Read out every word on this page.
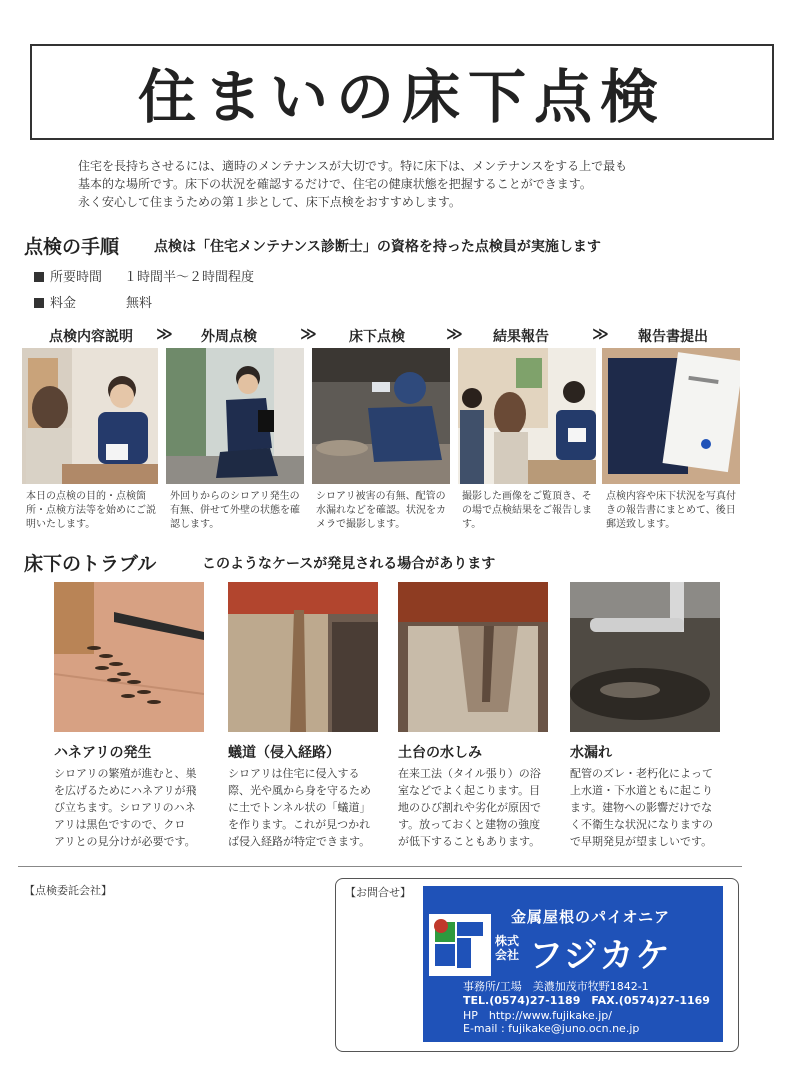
住まいの床下点検
住宅を長持ちさせるには、適時のメンテナンスが大切です。特に床下は、メンテナンスをする上で最も
基本的な場所です。床下の状況を確認するだけで、住宅の健康状態を把握することができます。
永く安心して住まうための第１歩として、床下点検をおすすめします。
点検の手順 点検は「住宅メンテナンス診断士」の資格を持った点検員が実施します
所要時間 １時間半～２時間程度
料金	無料
点検内容説明	≫	外周点検	≫	床下点検	≫	結果報告	≫	報告書提出
本日の点検の目的・点検箇所・点検方法等を始めにご説明いたします。
外回りからのシロアリ発生の有無、併せて外壁の状態を確認します。
シロアリ被害の有無、配管の水漏れなどを確認。状況をカメラで撮影します。
撮影した画像をご覧頂き、その場で点検結果をご報告します。
点検内容や床下状況を写真付きの報告書にまとめて、後日郵送致します。
床下のトラブル	このようなケースが発見される場合があります
ハネアリの発生	蟻道（侵入経路）	土台の水しみ	水漏れ
シロアリの繁殖が進むと、巣
を広げるためにハネアリが飛
び立ちます。シロアリのハネ
アリは黒色ですので、クロ
アリとの見分けが必要です。
シロアリは住宅に侵入する
際、光や風から身を守るため
に土でトンネル状の「蟻道」
を作ります。これが見つかれ
ば侵入経路が特定できます。
在来工法（タイル張り）の浴
室などでよく起こります。目
地のひび割れや劣化が原因で
す。放っておくと建物の強度
が低下することもあります。
配管のズレ・老朽化によって
上水道・下水道ともに起こり
ます。建物への影響だけでな
く不衛生な状況になりますの
で早期発見が望ましいです。
【点検委託会社】	【お問合せ】
金属屋根のパイオニア
株式会社 フジカケ
事務所/工場　美濃加茂市牧野1842-1
TEL.(0574)27-1189　FAX.(0574)27-1169
HP　http://www.fujikake.jp/
E-mail : fujikake@juno.ocn.ne.jp
